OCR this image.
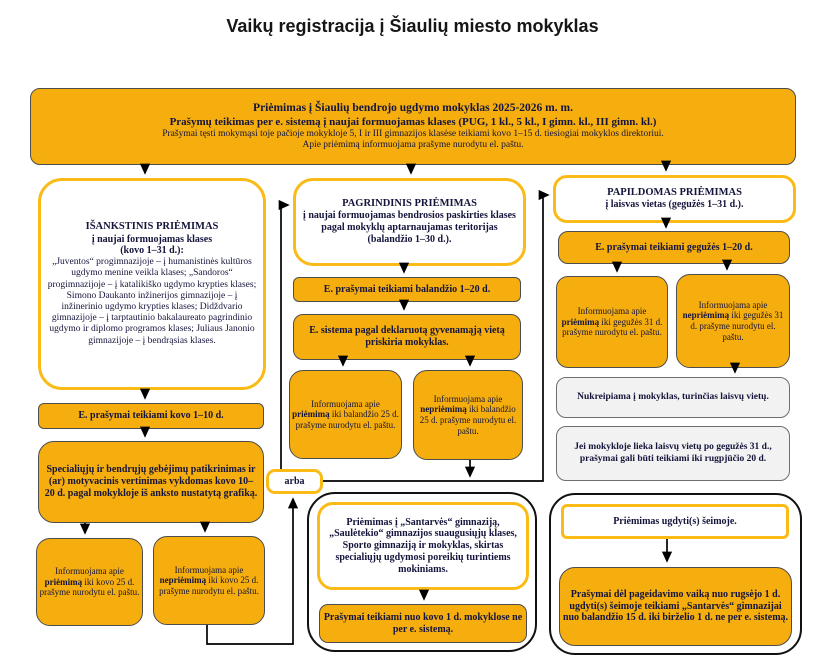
Vaikų registracija į Šiaulių miesto mokyklas
Priėmimas į Šiaulių bendrojo ugdymo mokyklas 2025-2026 m. m.
Prašymų teikimas per e. sistemą į naujai formuojamas klases (PUG, 1 kl., 5 kl., I gimn. kl., III gimn. kl.)
Prašymai tęsti mokymąsi toje pačioje mokykloje 5, I ir III gimnazijos klasėse teikiami kovo 1–15 d. tiesiogiai mokyklos direktoriui.
Apie priėmimą informuojama prašyme nurodytu el. paštu.
IŠANKSTINIS PRIĖMIMAS
į naujai formuojamas klases
(kovo 1–31 d.):
„Juventos“ progimnazijoje – į humanistinės kultūros ugdymo menine veikla klases; „Sandoros“ progimnazijoje – į katalikiško ugdymo krypties klases; Simono Daukanto inžinerijos gimnazijoje – į inžinerinio ugdymo krypties klases; Didždvario gimnazijoje – į tarptautinio bakalaureato pagrindinio ugdymo ir diplomo programos klases; Juliaus Janonio gimnazijoje – į bendrąsias klases.
E. prašymai teikiami kovo 1–10 d.
Specialiųjų ir bendrųjų gebėjimų patikrinimas ir (ar) motyvacinis vertinimas vykdomas kovo 10–20 d. pagal mokykloje iš anksto nustatytą grafiką.
Informuojama apie priėmimą iki kovo 25 d. prašyme nurodytu el. paštu.
Informuojama apie nepriėmimą iki kovo 25 d. prašyme nurodytu el. paštu.
PAGRINDINIS PRIĖMIMAS
į naujai formuojamas bendrosios paskirties klases pagal mokyklų aptarnaujamas teritorijas (balandžio 1–30 d.).
E. prašymai teikiami balandžio 1–20 d.
E. sistema pagal deklaruotą gyvenamąją vietą priskiria mokyklas.
Informuojama apie priėmimą iki balandžio 25 d. prašyme nurodytu el. paštu.
Informuojama apie nepriėmimą iki balandžio 25 d. prašyme nurodytu el. paštu.
arba
Priėmimas į „Santarvės“ gimnaziją, „Saulėtekio“ gimnazijos suaugusiųjų klases, Sporto gimnaziją ir mokyklas, skirtas specialiųjų ugdymosi poreikių turintiems mokiniams.
Prašymai teikiami nuo kovo 1 d. mokyklose ne per e. sistemą.
PAPILDOMAS PRIĖMIMAS
į laisvas vietas (gegužės 1–31 d.).
E. prašymai teikiami gegužės 1–20 d.
Informuojama apie priėmimą iki gegužės 31 d. prašyme nurodytu el. paštu.
Informuojama apie nepriėmimą iki gegužės 31 d. prašyme nurodytu el. paštu.
Nukreipiama į mokyklas, turinčias laisvų vietų.
Jei mokykloje lieka laisvų vietų po gegužės 31 d., prašymai gali būti teikiami iki rugpjūčio 20 d.
Priėmimas ugdyti(s) šeimoje.
Prašymai dėl pageidavimo vaiką nuo rugsėjo 1 d. ugdyti(s) šeimoje teikiami „Santarvės“ gimnazijai nuo balandžio 15 d. iki birželio 1 d. ne per e. sistemą.
